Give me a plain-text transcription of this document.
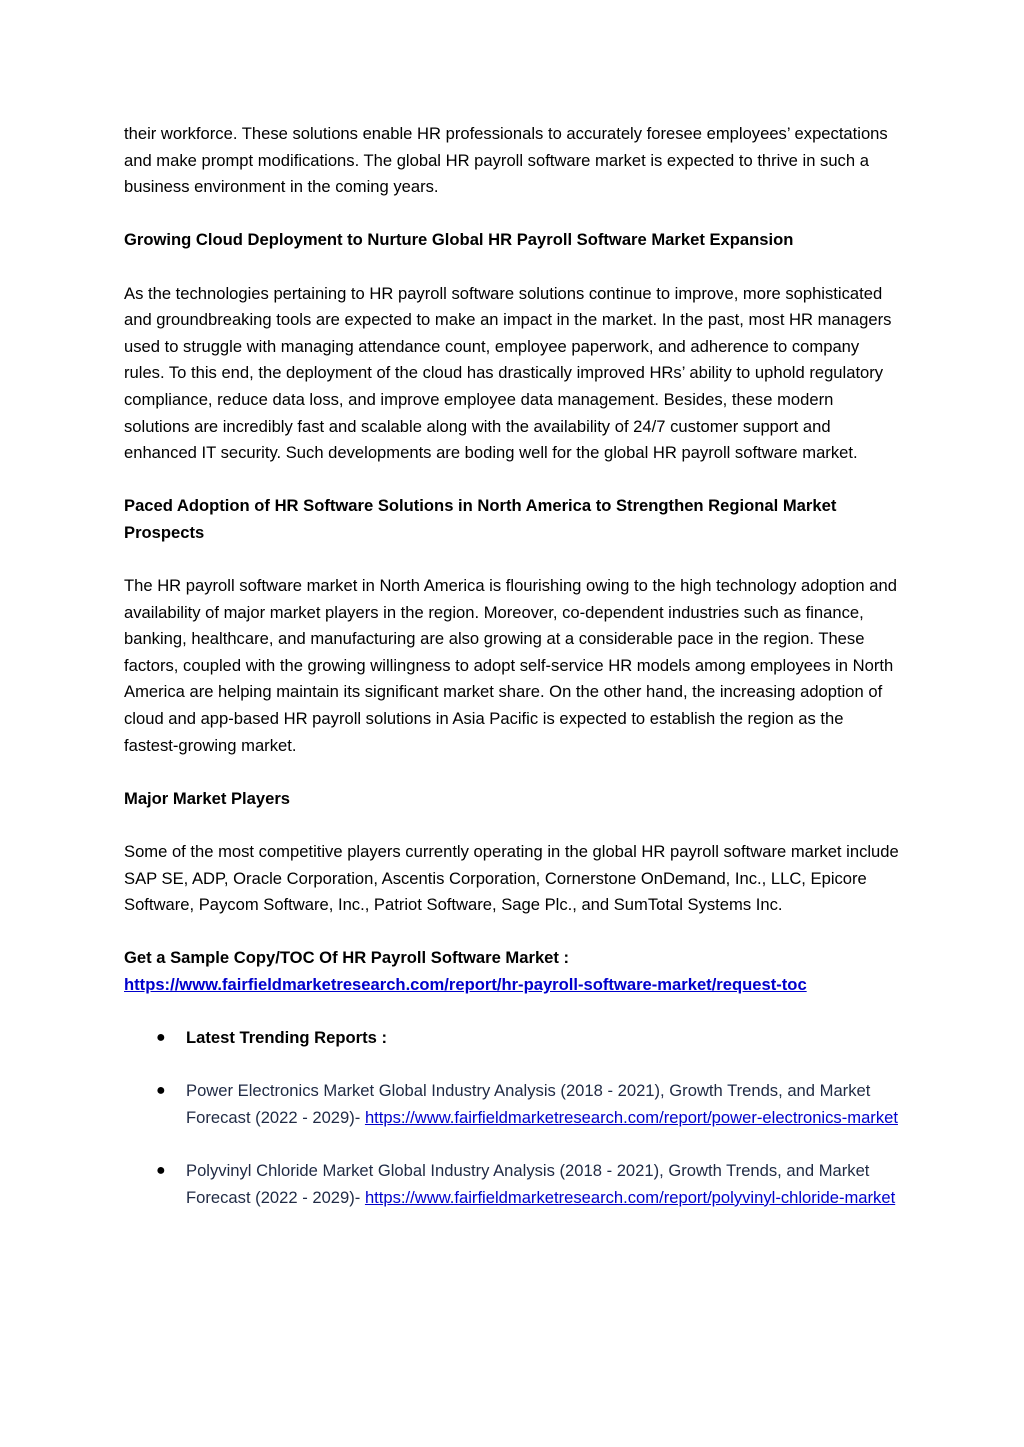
their workforce. These solutions enable HR professionals to accurately foresee employees’ expectations and make prompt modifications. The global HR payroll software market is expected to thrive in such a business environment in the coming years.

Growing Cloud Deployment to Nurture Global HR Payroll Software Market Expansion

As the technologies pertaining to HR payroll software solutions continue to improve, more sophisticated and groundbreaking tools are expected to make an impact in the market. In the past, most HR managers used to struggle with managing attendance count, employee paperwork, and adherence to company rules. To this end, the deployment of the cloud has drastically improved HRs’ ability to uphold regulatory compliance, reduce data loss, and improve employee data management. Besides, these modern solutions are incredibly fast and scalable along with the availability of 24/7 customer support and enhanced IT security. Such developments are boding well for the global HR payroll software market.

Paced Adoption of HR Software Solutions in North America to Strengthen Regional Market Prospects

The HR payroll software market in North America is flourishing owing to the high technology adoption and availability of major market players in the region. Moreover, co-dependent industries such as finance, banking, healthcare, and manufacturing are also growing at a considerable pace in the region. These factors, coupled with the growing willingness to adopt self-service HR models among employees in North America are helping maintain its significant market share. On the other hand, the increasing adoption of cloud and app-based HR payroll solutions in Asia Pacific is expected to establish the region as the fastest-growing market.

Major Market Players

Some of the most competitive players currently operating in the global HR payroll software market include SAP SE, ADP, Oracle Corporation, Ascentis Corporation, Cornerstone OnDemand, Inc., LLC, Epicore Software, Paycom Software, Inc., Patriot Software, Sage Plc., and SumTotal Systems Inc.

Get a Sample Copy/TOC Of HR Payroll Software Market :
https://www.fairfieldmarketresearch.com/report/hr-payroll-software-market/request-toc

● Latest Trending Reports :
● Power Electronics Market Global Industry Analysis (2018 - 2021), Growth Trends, and Market Forecast (2022 - 2029)- https://www.fairfieldmarketresearch.com/report/power-electronics-market
● Polyvinyl Chloride Market Global Industry Analysis (2018 - 2021), Growth Trends, and Market Forecast (2022 - 2029)- https://www.fairfieldmarketresearch.com/report/polyvinyl-chloride-market
